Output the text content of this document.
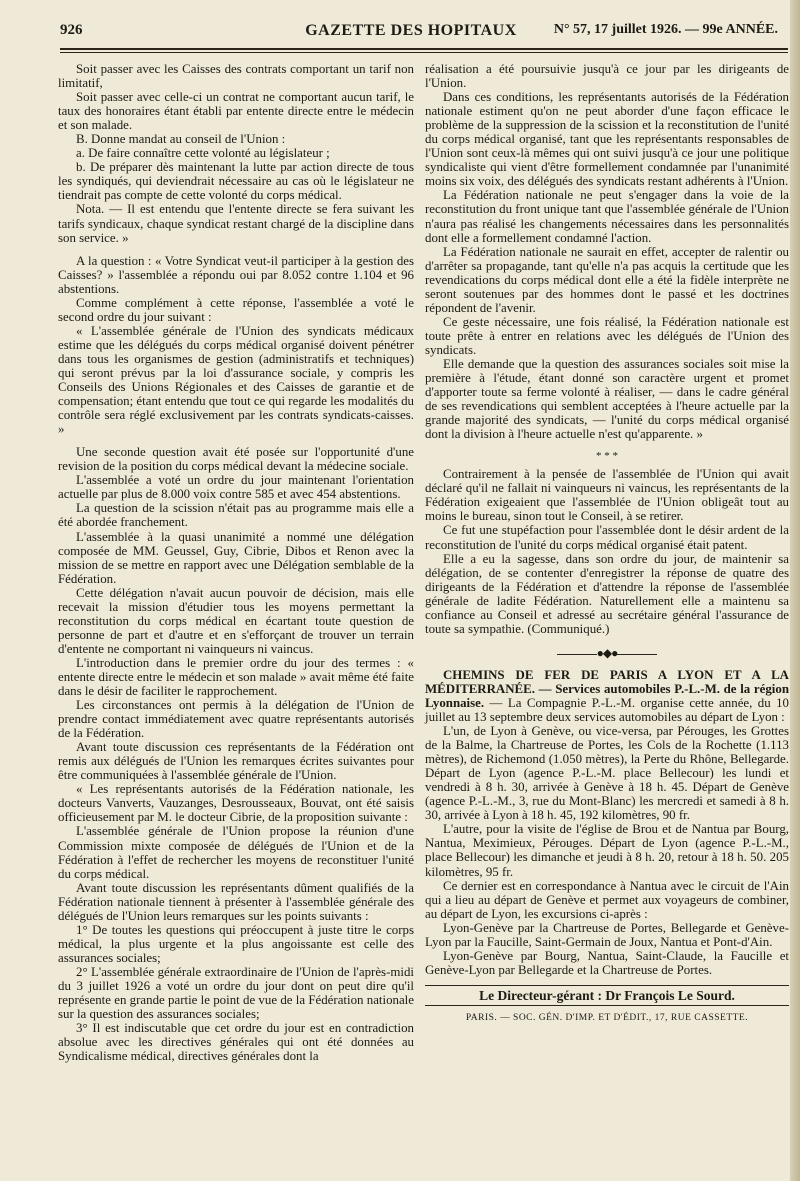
926	GAZETTE DES HOPITAUX	N° 57, 17 juillet 1926. — 99e ANNÉE.

Soit passer avec les Caisses des contrats comportant un tarif non limitatif,

Soit passer avec celle-ci un contrat ne comportant aucun tarif, le taux des honoraires étant établi par entente directe entre le médecin et son malade.

B. Donne mandat au conseil de l'Union :

a. De faire connaître cette volonté au législateur ;

b. De préparer dès maintenant la lutte par action directe de tous les syndiqués, qui deviendrait nécessaire au cas où le législateur ne tiendrait pas compte de cette volonté du corps médical.

Nota. — Il est entendu que l'entente directe se fera suivant les tarifs syndicaux, chaque syndicat restant chargé de la discipline dans son service. »

A la question : « Votre Syndicat veut-il participer à la gestion des Caisses? » l'assemblée a répondu oui par 8.052 contre 1.104 et 96 abstentions.

Comme complément à cette réponse, l'assemblée a voté le second ordre du jour suivant :

« L'assemblée générale de l'Union des syndicats médicaux estime que les délégués du corps médical organisé doivent pénétrer dans tous les organismes de gestion (administratifs et techniques) qui seront prévus par la loi d'assurance sociale, y compris les Conseils des Unions Régionales et des Caisses de garantie et de compensation; étant entendu que tout ce qui regarde les modalités du contrôle sera réglé exclusivement par les contrats syndicats-caisses. »

Une seconde question avait été posée sur l'opportunité d'une revision de la position du corps médical devant la médecine sociale.

L'assemblée a voté un ordre du jour maintenant l'orientation actuelle par plus de 8.000 voix contre 585 et avec 454 abstentions.

La question de la scission n'était pas au programme mais elle a été abordée franchement.

L'assemblée à la quasi unanimité a nommé une délégation composée de MM. Geussel, Guy, Cibrie, Dibos et Renon avec la mission de se mettre en rapport avec une Délégation semblable de la Fédération.

Cette délégation n'avait aucun pouvoir de décision, mais elle recevait la mission d'étudier tous les moyens permettant la reconstitution du corps médical en écartant toute question de personne de part et d'autre et en s'efforçant de trouver un terrain d'entente ne comportant ni vainqueurs ni vaincus.

L'introduction dans le premier ordre du jour des termes : « entente directe entre le médecin et son malade » avait même été faite dans le désir de faciliter le rapprochement.

Les circonstances ont permis à la délégation de l'Union de prendre contact immédiatement avec quatre représentants autorisés de la Fédération.

Avant toute discussion ces représentants de la Fédération ont remis aux délégués de l'Union les remarques écrites suivantes pour être communiquées à l'assemblée générale de l'Union.

« Les représentants autorisés de la Fédération nationale, les docteurs Vanverts, Vauzanges, Desrousseaux, Bouvat, ont été saisis officieusement par M. le docteur Cibrie, de la proposition suivante :

L'assemblée générale de l'Union propose la réunion d'une Commission mixte composée de délégués de l'Union et de la Fédération à l'effet de rechercher les moyens de reconstituer l'unité du corps médical.

Avant toute discussion les représentants dûment qualifiés de la Fédération nationale tiennent à présenter à l'assemblée générale des délégués de l'Union leurs remarques sur les points suivants :

1° De toutes les questions qui préoccupent à juste titre le corps médical, la plus urgente et la plus angoissante est celle des assurances sociales;

2° L'assemblée générale extraordinaire de l'Union de l'après-midi du 3 juillet 1926 a voté un ordre du jour dont on peut dire qu'il représente en grande partie le point de vue de la Fédération nationale sur la question des assurances sociales;

3° Il est indiscutable que cet ordre du jour est en contradiction absolue avec les directives générales qui ont été données au Syndicalisme médical, directives générales dont la

réalisation a été poursuivie jusqu'à ce jour par les dirigeants de l'Union.

Dans ces conditions, les représentants autorisés de la Fédération nationale estiment qu'on ne peut aborder d'une façon efficace le problème de la suppression de la scission et la reconstitution de l'unité du corps médical organisé, tant que les représentants responsables de l'Union sont ceux-là mêmes qui ont suivi jusqu'à ce jour une politique syndicaliste qui vient d'être formellement condamnée par l'unanimité moins six voix, des délégués des syndicats restant adhérents à l'Union.

La Fédération nationale ne peut s'engager dans la voie de la reconstitution du front unique tant que l'assemblée générale de l'Union n'aura pas réalisé les changements nécessaires dans les personnalités dont elle a formellement condamné l'action.

La Fédération nationale ne saurait en effet, accepter de ralentir ou d'arrêter sa propagande, tant qu'elle n'a pas acquis la certitude que les revendications du corps médical dont elle a été la fidèle interprète ne seront soutenues par des hommes dont le passé et les doctrines répondent de l'avenir.

Ce geste nécessaire, une fois réalisé, la Fédération nationale est toute prête à entrer en relations avec les délégués de l'Union des syndicats.

Elle demande que la question des assurances sociales soit mise la première à l'étude, étant donné son caractère urgent et promet d'apporter toute sa ferme volonté à réaliser, — dans le cadre général de ses revendications qui semblent acceptées à l'heure actuelle par la grande majorité des syndicats, — l'unité du corps médical organisé dont la division à l'heure actuelle n'est qu'apparente. »

* * *

Contrairement à la pensée de l'assemblée de l'Union qui avait déclaré qu'il ne fallait ni vainqueurs ni vaincus, les représentants de la Fédération exigeaient que l'assemblée de l'Union obligeât tout au moins le bureau, sinon tout le Conseil, à se retirer.

Ce fut une stupéfaction pour l'assemblée dont le désir ardent de la reconstitution de l'unité du corps médical organisé était patent.

Elle a eu la sagesse, dans son ordre du jour, de maintenir sa délégation, de se contenter d'enregistrer la réponse de quatre des dirigeants de la Fédération et d'attendre la réponse de l'assemblée générale de ladite Fédération. Naturellement elle a maintenu sa confiance au Conseil et adressé au secrétaire général l'assurance de toute sa sympathie. (Communiqué.)

●◆●

CHEMINS DE FER DE PARIS A LYON ET A LA MÉDITERRANÉE. — Services automobiles P.-L.-M. de la région Lyonnaise. — La Compagnie P.-L.-M. organise cette année, du 10 juillet au 13 septembre deux services automobiles au départ de Lyon :

L'un, de Lyon à Genève, ou vice-versa, par Pérouges, les Grottes de la Balme, la Chartreuse de Portes, les Cols de la Rochette (1.113 mètres), de Richemond (1.050 mètres), la Perte du Rhône, Bellegarde. Départ de Lyon (agence P.-L.-M. place Bellecour) les lundi et vendredi à 8 h. 30, arrivée à Genève à 18 h. 45. Départ de Genève (agence P.-L.-M., 3, rue du Mont-Blanc) les mercredi et samedi à 8 h. 30, arrivée à Lyon à 18 h. 45, 192 kilomètres, 90 fr.

L'autre, pour la visite de l'église de Brou et de Nantua par Bourg, Nantua, Meximieux, Pérouges. Départ de Lyon (agence P.-L.-M., place Bellecour) les dimanche et jeudi à 8 h. 20, retour à 18 h. 50. 205 kilomètres, 95 fr.

Ce dernier est en correspondance à Nantua avec le circuit de l'Ain qui a lieu au départ de Genève et permet aux voyageurs de combiner, au départ de Lyon, les excursions ci-après :

Lyon-Genève par la Chartreuse de Portes, Bellegarde et Genève-Lyon par la Faucille, Saint-Germain de Joux, Nantua et Pont-d'Ain.

Lyon-Genève par Bourg, Nantua, Saint-Claude, la Faucille et Genève-Lyon par Bellegarde et la Chartreuse de Portes.

Le Directeur-gérant : Dr François Le Sourd.
PARIS. — SOC. GÉN. D'IMP. ET D'ÉDIT., 17, RUE CASSETTE.
